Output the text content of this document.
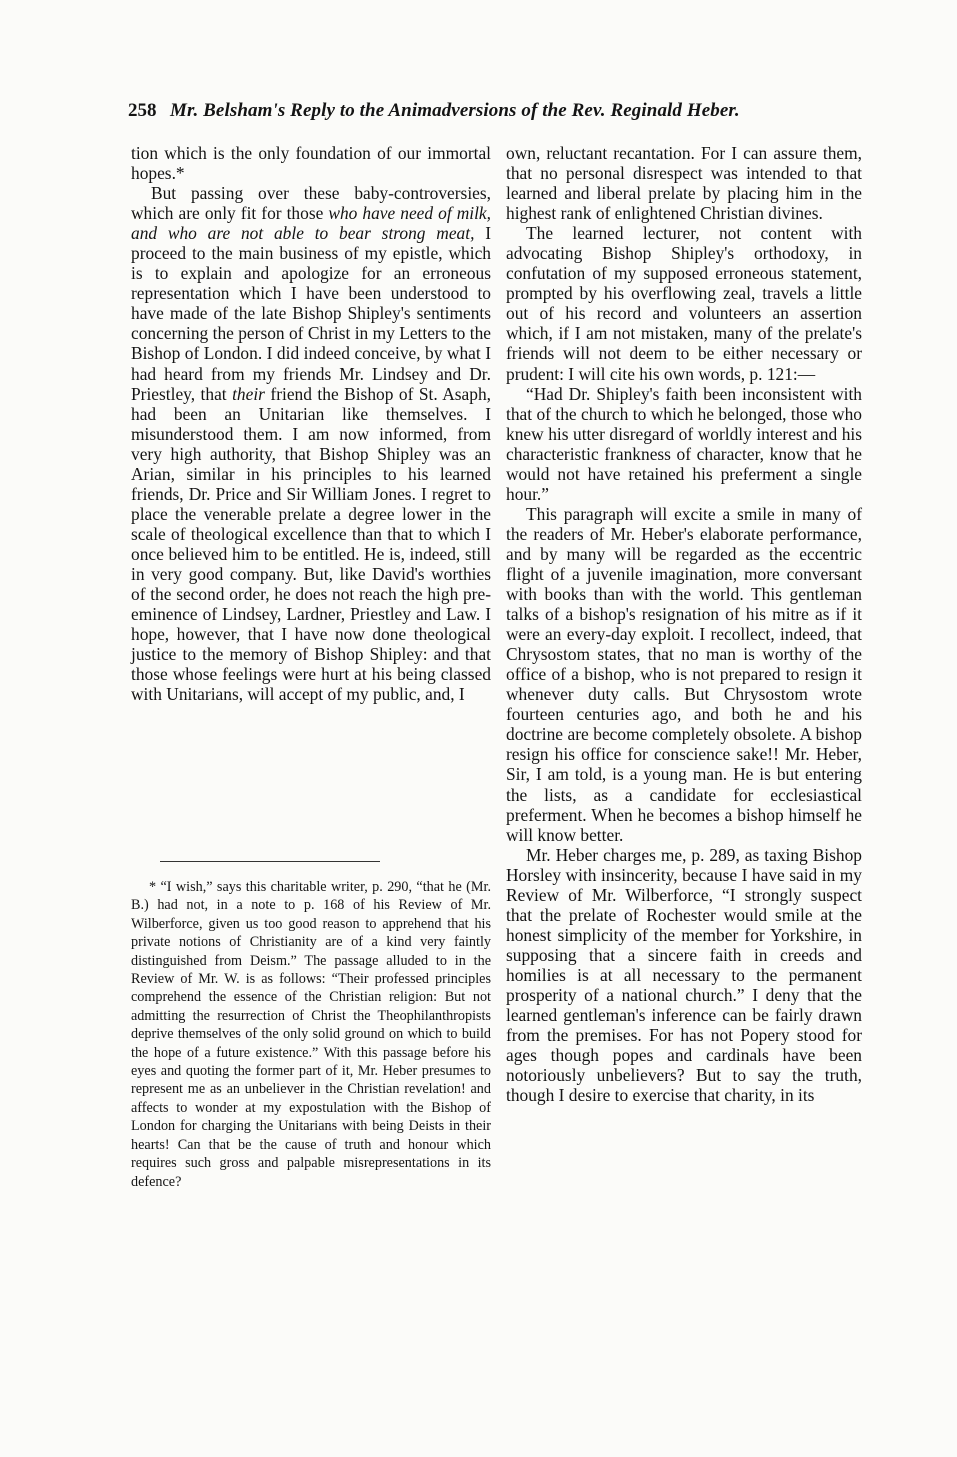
258 Mr. Belsham's Reply to the Animadversions of the Rev. Reginald Heber.

tion which is the only foundation of our immortal hopes.*

But passing over these baby-controversies, which are only fit for those who have need of milk, and who are not able to bear strong meat, I proceed to the main business of my epistle, which is to explain and apologize for an erroneous representation which I have been understood to have made of the late Bishop Shipley's sentiments concerning the person of Christ in my Letters to the Bishop of London. I did indeed conceive, by what I had heard from my friends Mr. Lindsey and Dr. Priestley, that their friend the Bishop of St. Asaph, had been an Unitarian like themselves. I misunderstood them. I am now informed, from very high authority, that Bishop Shipley was an Arian, similar in his principles to his learned friends, Dr. Price and Sir William Jones. I regret to place the venerable prelate a degree lower in the scale of theological excellence than that to which I once believed him to be entitled. He is, indeed, still in very good company. But, like David's worthies of the second order, he does not reach the high pre-eminence of Lindsey, Lardner, Priestley and Law. I hope, however, that I have now done theological justice to the memory of Bishop Shipley: and that those whose feelings were hurt at his being classed with Unitarians, will accept of my public, and, I

* “I wish,” says this charitable writer, p. 290, “that he (Mr. B.) had not, in a note to p. 168 of his Review of Mr. Wilberforce, given us too good reason to apprehend that his private notions of Christianity are of a kind very faintly distinguished from Deism.” The passage alluded to in the Review of Mr. W. is as follows: “Their professed principles comprehend the essence of the Christian religion: But not admitting the resurrection of Christ the Theophilanthropists deprive themselves of the only solid ground on which to build the hope of a future existence.” With this passage before his eyes and quoting the former part of it, Mr. Heber presumes to represent me as an unbeliever in the Christian revelation! and affects to wonder at my expostulation with the Bishop of London for charging the Unitarians with being Deists in their hearts! Can that be the cause of truth and honour which requires such gross and palpable misrepresentations in its defence?

own, reluctant recantation. For I can assure them, that no personal disrespect was intended to that learned and liberal prelate by placing him in the highest rank of enlightened Christian divines.

The learned lecturer, not content with advocating Bishop Shipley's orthodoxy, in confutation of my supposed erroneous statement, prompted by his overflowing zeal, travels a little out of his record and volunteers an assertion which, if I am not mistaken, many of the prelate's friends will not deem to be either necessary or prudent: I will cite his own words, p. 121:—

“Had Dr. Shipley's faith been inconsistent with that of the church to which he belonged, those who knew his utter disregard of worldly interest and his characteristic frankness of character, know that he would not have retained his preferment a single hour.”

This paragraph will excite a smile in many of the readers of Mr. Heber's elaborate performance, and by many will be regarded as the eccentric flight of a juvenile imagination, more conversant with books than with the world. This gentleman talks of a bishop's resignation of his mitre as if it were an every-day exploit. I recollect, indeed, that Chrysostom states, that no man is worthy of the office of a bishop, who is not prepared to resign it whenever duty calls. But Chrysostom wrote fourteen centuries ago, and both he and his doctrine are become completely obsolete. A bishop resign his office for conscience sake!! Mr. Heber, Sir, I am told, is a young man. He is but entering the lists, as a candidate for ecclesiastical preferment. When he becomes a bishop himself he will know better.

Mr. Heber charges me, p. 289, as taxing Bishop Horsley with insincerity, because I have said in my Review of Mr. Wilberforce, “I strongly suspect that the prelate of Rochester would smile at the honest simplicity of the member for Yorkshire, in supposing that a sincere faith in creeds and homilies is at all necessary to the permanent prosperity of a national church.” I deny that the learned gentleman's inference can be fairly drawn from the premises. For has not Popery stood for ages though popes and cardinals have been notoriously unbelievers? But to say the truth, though I desire to exercise that charity, in its
